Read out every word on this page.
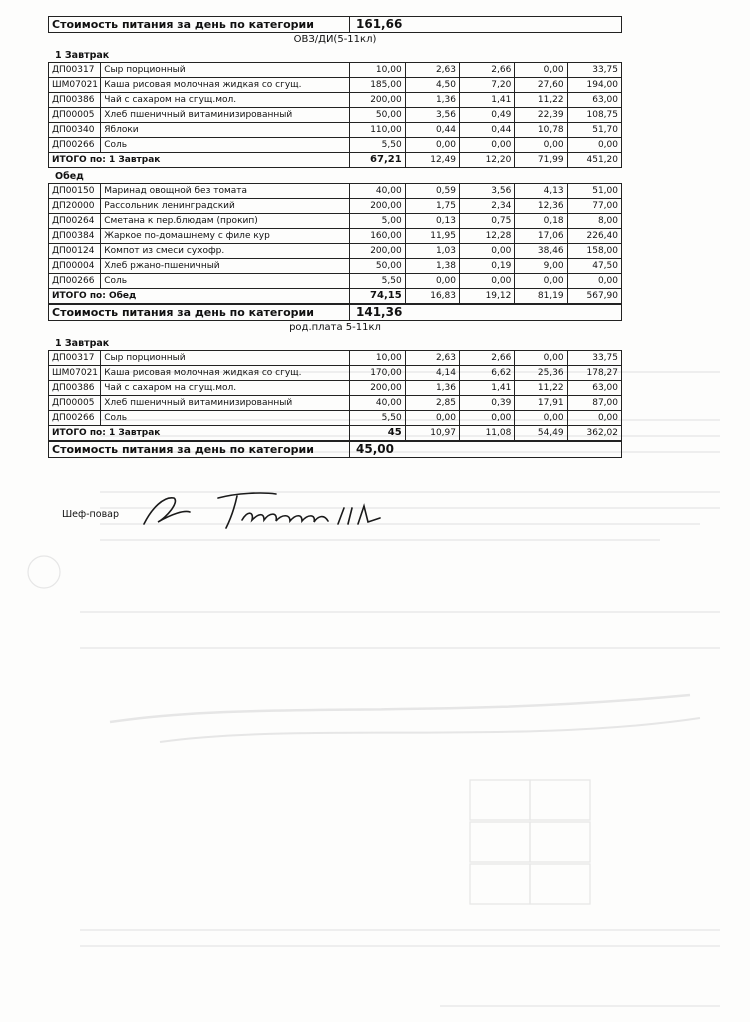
Стоимость питания за день по категории	161,66
ОВЗ/ДИ(5-11кл)
1 Завтрак
ДП00317	Сыр порционный	10,00	2,63	2,66	0,00	33,75
ШМ07021	Каша рисовая молочная жидкая со сгущ.	185,00	4,50	7,20	27,60	194,00
ДП00386	Чай с сахаром на сгущ.мол.	200,00	1,36	1,41	11,22	63,00
ДП00005	Хлеб пшеничный витаминизированный	50,00	3,56	0,49	22,39	108,75
ДП00340	Яблоки	110,00	0,44	0,44	10,78	51,70
ДП00266	Соль	5,50	0,00	0,00	0,00	0,00
ИТОГО по: 1 Завтрак		67,21	12,49	12,20	71,99	451,20
Обед
ДП00150	Маринад овощной без томата	40,00	0,59	3,56	4,13	51,00
ДП20000	Рассольник ленинградский	200,00	1,75	2,34	12,36	77,00
ДП00264	Сметана к пер.блюдам (прокип)	5,00	0,13	0,75	0,18	8,00
ДП00384	Жаркое по-домашнему с филе кур	160,00	11,95	12,28	17,06	226,40
ДП00124	Компот из смеси сухофр.	200,00	1,03	0,00	38,46	158,00
ДП00004	Хлеб ржано-пшеничный	50,00	1,38	0,19	9,00	47,50
ДП00266	Соль	5,50	0,00	0,00	0,00	0,00
ИТОГО по: Обед		74,15	16,83	19,12	81,19	567,90
Стоимость питания за день по категории	141,36
род.плата 5-11кл
1 Завтрак
ДП00317	Сыр порционный	10,00	2,63	2,66	0,00	33,75
ШМ07021	Каша рисовая молочная жидкая со сгущ.	170,00	4,14	6,62	25,36	178,27
ДП00386	Чай с сахаром на сгущ.мол.	200,00	1,36	1,41	11,22	63,00
ДП00005	Хлеб пшеничный витаминизированный	40,00	2,85	0,39	17,91	87,00
ДП00266	Соль	5,50	0,00	0,00	0,00	0,00
ИТОГО по: 1 Завтрак		45	10,97	11,08	54,49	362,02
Стоимость питания за день по категории	45,00
Шеф-повар
